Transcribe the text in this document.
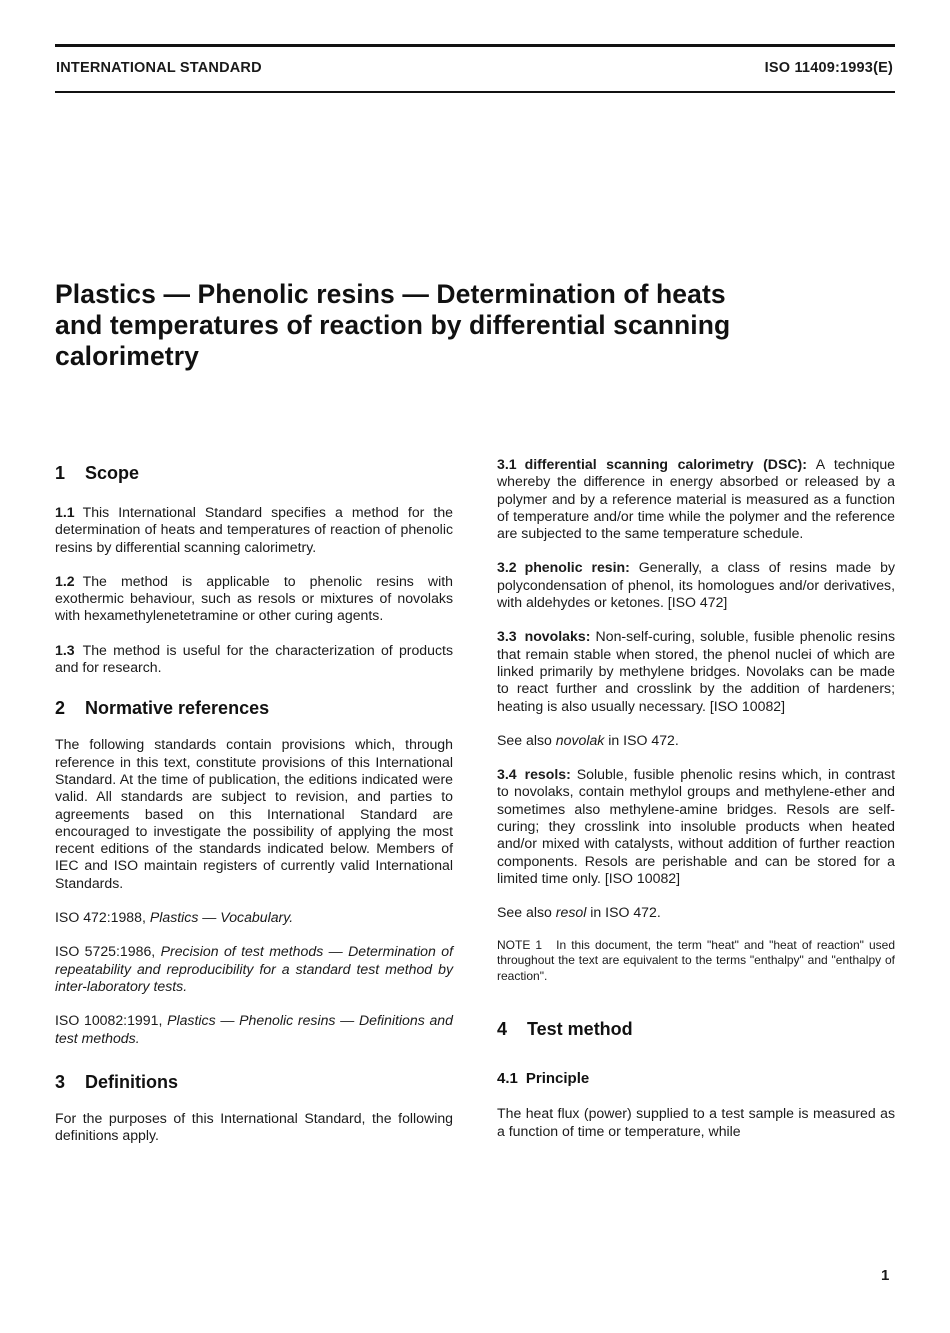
INTERNATIONAL STANDARD	ISO 11409:1993(E)
Plastics — Phenolic resins — Determination of heats
and temperatures of reaction by differential scanning
calorimetry
1 Scope

1.1 This International Standard specifies a method for the determination of heats and temperatures of reaction of phenolic resins by differential scanning calorimetry.

1.2 The method is applicable to phenolic resins with exothermic behaviour, such as resols or mixtures of novolaks with hexamethylenetetramine or other curing agents.

1.3 The method is useful for the characterization of products and for research.

2 Normative references

The following standards contain provisions which, through reference in this text, constitute provisions of this International Standard. At the time of publication, the editions indicated were valid. All standards are subject to revision, and parties to agreements based on this International Standard are encouraged to investigate the possibility of applying the most recent editions of the standards indicated below. Members of IEC and ISO maintain registers of currently valid International Standards.

ISO 472:1988, Plastics — Vocabulary.

ISO 5725:1986, Precision of test methods — Determination of repeatability and reproducibility for a standard test method by inter-laboratory tests.

ISO 10082:1991, Plastics — Phenolic resins — Definitions and test methods.

3 Definitions

For the purposes of this International Standard, the following definitions apply.

3.1 differential scanning calorimetry (DSC): A technique whereby the difference in energy absorbed or released by a polymer and by a reference material is measured as a function of temperature and/or time while the polymer and the reference are subjected to the same temperature schedule.

3.2 phenolic resin: Generally, a class of resins made by polycondensation of phenol, its homologues and/or derivatives, with aldehydes or ketones. [ISO 472]

3.3 novolaks: Non-self-curing, soluble, fusible phenolic resins that remain stable when stored, the phenol nuclei of which are linked primarily by methylene bridges. Novolaks can be made to react further and crosslink by the addition of hardeners; heating is also usually necessary. [ISO 10082]

See also novolak in ISO 472.

3.4 resols: Soluble, fusible phenolic resins which, in contrast to novolaks, contain methylol groups and methylene-ether and sometimes also methylene-amine bridges. Resols are self-curing; they crosslink into insoluble products when heated and/or mixed with catalysts, without addition of further reaction components. Resols are perishable and can be stored for a limited time only. [ISO 10082]

See also resol in ISO 472.

NOTE 1 In this document, the term "heat" and "heat of reaction" used throughout the text are equivalent to the terms "enthalpy" and "enthalpy of reaction".

4 Test method
4.1 Principle

The heat flux (power) supplied to a test sample is measured as a function of time or temperature, while

1
